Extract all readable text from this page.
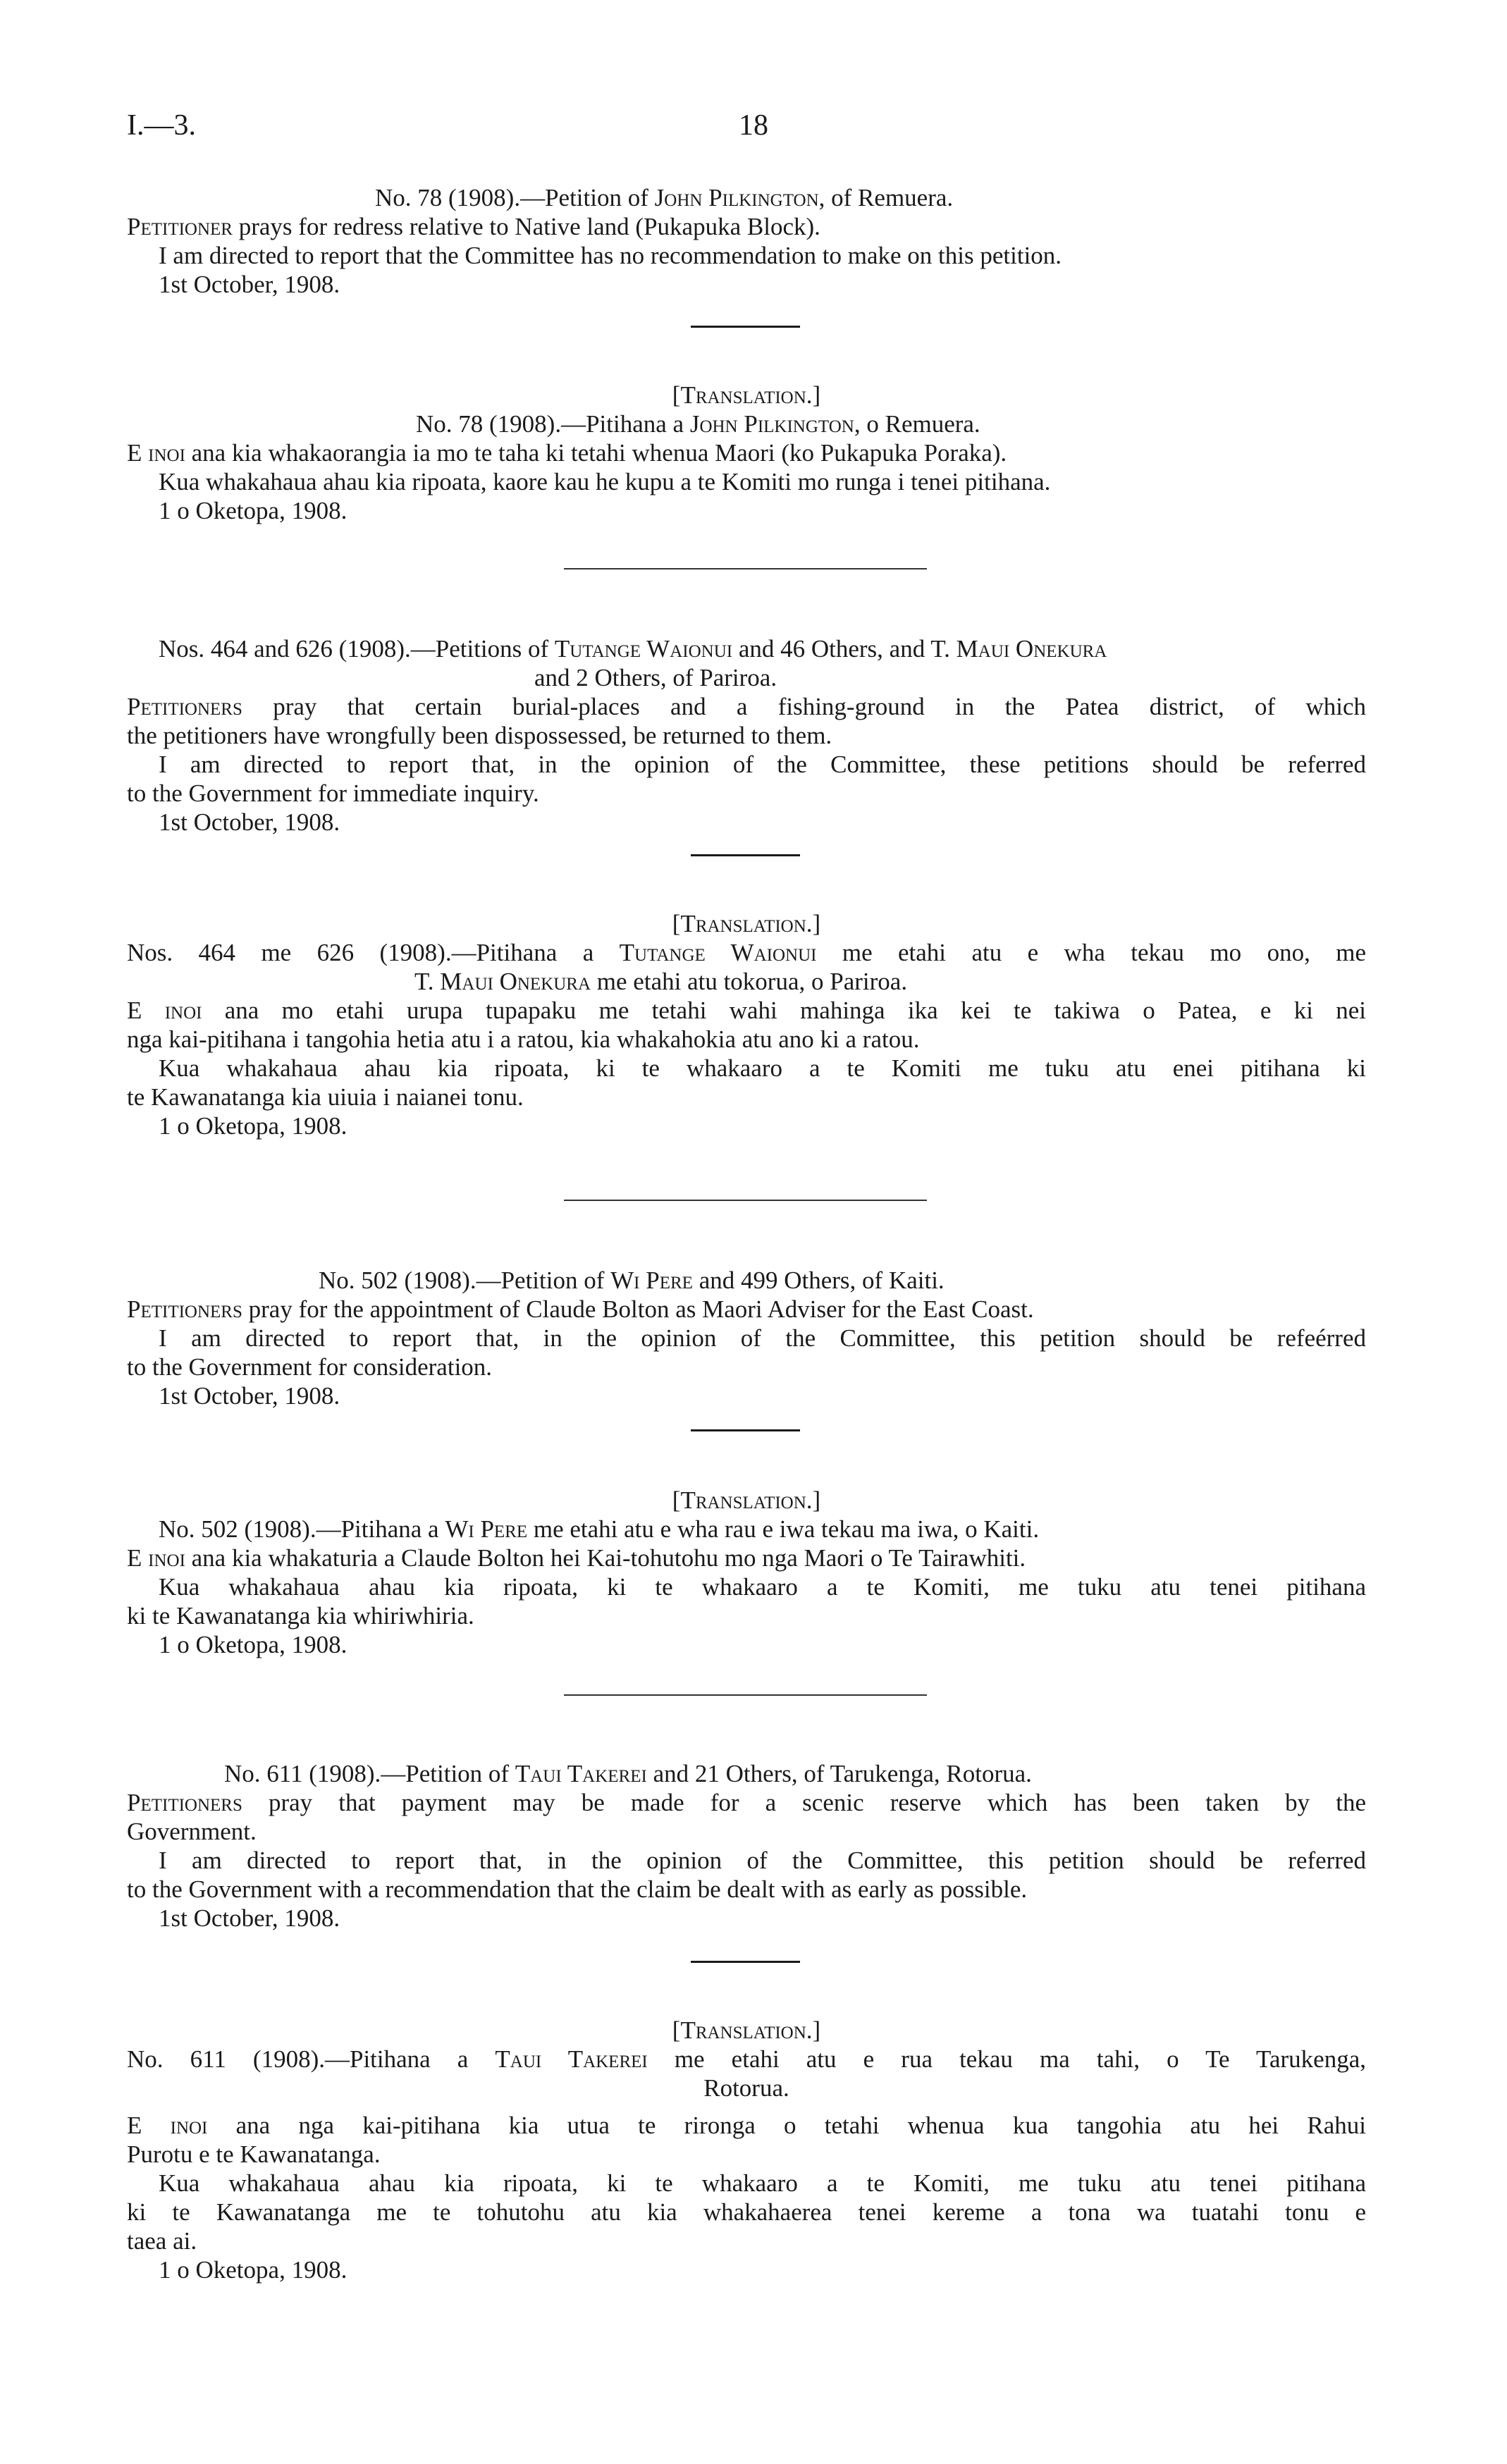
I.—3.	18
No. 78 (1908).—Petition of John Pilkington, of Remuera.
Petitioner prays for redress relative to Native land (Pukapuka Block).
I am directed to report that the Committee has no recommendation to make on this petition.
1st October, 1908.
[Translation.]
No. 78 (1908).—Pitihana a John Pilkington, o Remuera.
E inoi ana kia whakaorangia ia mo te taha ki tetahi whenua Maori (ko Pukapuka Poraka).
Kua whakahaua ahau kia ripoata, kaore kau he kupu a te Komiti mo runga i tenei pitihana.
1 o Oketopa, 1908.
Nos. 464 and 626 (1908).—Petitions of Tutange Waionui and 46 Others, and T. Maui Onekura
and 2 Others, of Pariroa.
Petitioners pray that certain burial-places and a fishing-ground in the Patea district, of which
the petitioners have wrongfully been dispossessed, be returned to them.
I am directed to report that, in the opinion of the Committee, these petitions should be referred
to the Government for immediate inquiry.
1st October, 1908.
[Translation.]
Nos. 464 me 626 (1908).—Pitihana a Tutange Waionui me etahi atu e wha tekau mo ono, me
T. Maui Onekura me etahi atu tokorua, o Pariroa.
E inoi ana mo etahi urupa tupapaku me tetahi wahi mahinga ika kei te takiwa o Patea, e ki nei
nga kai-pitihana i tangohia hetia atu i a ratou, kia whakahokia atu ano ki a ratou.
Kua whakahaua ahau kia ripoata, ki te whakaaro a te Komiti me tuku atu enei pitihana ki
te Kawanatanga kia uiuia i naianei tonu.
1 o Oketopa, 1908.
No. 502 (1908).—Petition of Wi Pere and 499 Others, of Kaiti.
Petitioners pray for the appointment of Claude Bolton as Maori Adviser for the East Coast.
I am directed to report that, in the opinion of the Committee, this petition should be refeérred
to the Government for consideration.
1st October, 1908.
[Translation.]
No. 502 (1908).—Pitihana a Wi Pere me etahi atu e wha rau e iwa tekau ma iwa, o Kaiti.
E inoi ana kia whakaturia a Claude Bolton hei Kai-tohutohu mo nga Maori o Te Tairawhiti.
Kua whakahaua ahau kia ripoata, ki te whakaaro a te Komiti, me tuku atu tenei pitihana
ki te Kawanatanga kia whiriwhiria.
1 o Oketopa, 1908.
No. 611 (1908).—Petition of Taui Takerei and 21 Others, of Tarukenga, Rotorua.
Petitioners pray that payment may be made for a scenic reserve which has been taken by the
Government.
I am directed to report that, in the opinion of the Committee, this petition should be referred
to the Government with a recommendation that the claim be dealt with as early as possible.
1st October, 1908.
[Translation.]
No. 611 (1908).—Pitihana a Taui Takerei me etahi atu e rua tekau ma tahi, o Te Tarukenga,
Rotorua.
E inoi ana nga kai-pitihana kia utua te rironga o tetahi whenua kua tangohia atu hei Rahui
Purotu e te Kawanatanga.
Kua whakahaua ahau kia ripoata, ki te whakaaro a te Komiti, me tuku atu tenei pitihana
ki te Kawanatanga me te tohutohu atu kia whakahaerea tenei kereme a tona wa tuatahi tonu e
taea ai.
1 o Oketopa, 1908.
